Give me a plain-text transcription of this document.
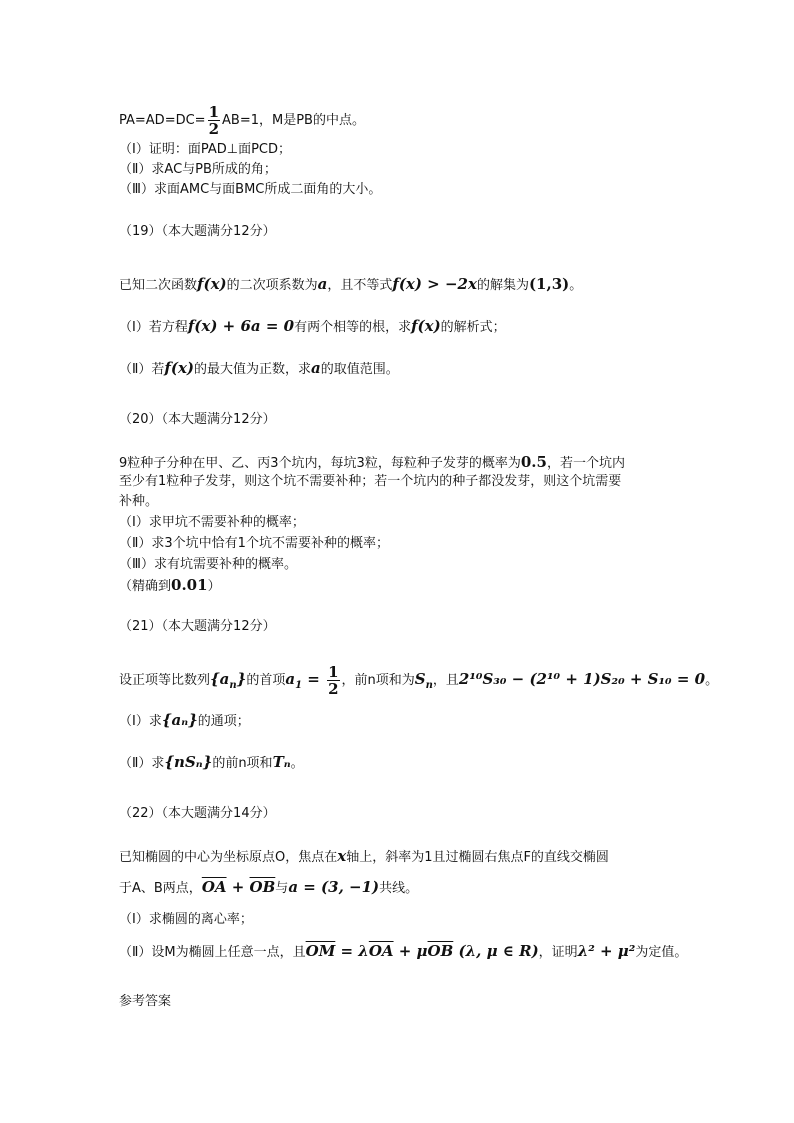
$PA=AD=DC= \frac{1}{2} AB=1$，M是PB的中点。
（Ⅰ）证明：面PAD⊥面PCD；
（Ⅱ）求AC与PB所成的角；
（Ⅲ）求面AMC与面BMC所成二面角的大小。
（19）（本大题满分12分）
已知二次函数f(x)的二次项系数为a，且不等式f(x) > −2x的解集为(1,3)。
（Ⅰ）若方程f(x) + 6a = 0有两个相等的根，求f(x)的解析式；
（Ⅱ）若f(x)的最大值为正数，求a的取值范围。
（20）（本大题满分12分）
9粒种子分种在甲、乙、丙3个坑内，每坑3粒，每粒种子发芽的概率为0.5，若一个坑内
至少有1粒种子发芽，则这个坑不需要补种；若一个坑内的种子都没发芽，则这个坑需要
补种。
（Ⅰ）求甲坑不需要补种的概率；
（Ⅱ）求3个坑中恰有1个坑不需要补种的概率；
（Ⅲ）求有坑需要补种的概率。
（精确到0.01）
（21）（本大题满分12分）
设正项等比数列$\{a_n\}$的首项$a_1 = \frac{1}{2}$ ，前n项和为$S_n$，且2¹⁰S₃₀ − (2¹⁰ + 1)S₂₀ + S₁₀ = 0。
（Ⅰ）求{aₙ}的通项；
（Ⅱ）求{nSₙ}的前n项和Tₙ。
（22）（本大题满分14分）
已知椭圆的中心为坐标原点O，焦点在x轴上，斜率为1且过椭圆右焦点F的直线交椭圆
于A、B两点，$\overline{OA} + \overline{OB}$与a = (3, −1)共线。
（Ⅰ）求椭圆的离心率；
（Ⅱ）设M为椭圆上任意一点，且$\overline{OM} = \lambda\overline{OA} + \mu\overline{OB}$ (λ, μ ∈ R)，证明λ² + μ²为定值。
参考答案
